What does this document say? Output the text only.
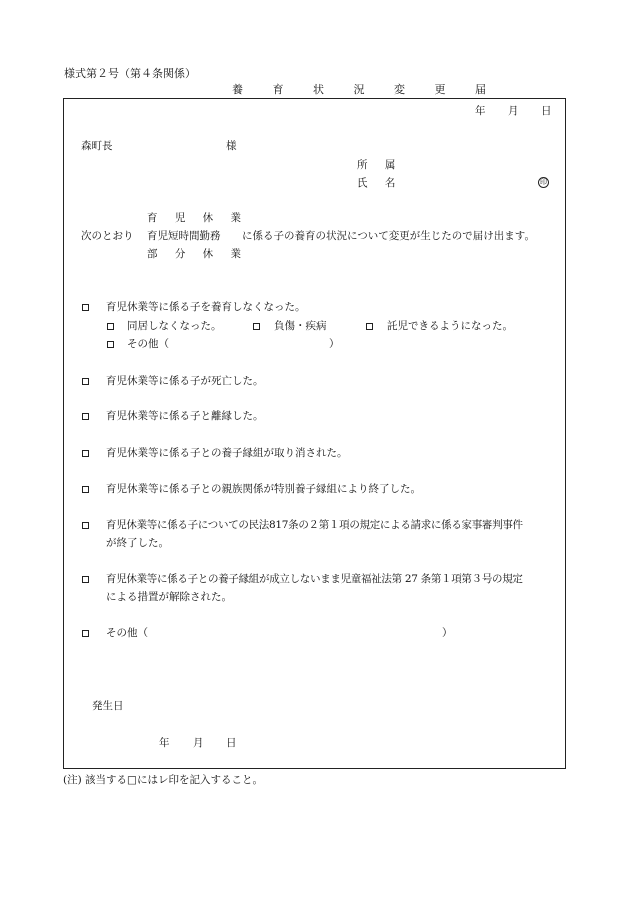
様式第２号（第４条関係）
養 育 状 況 変 更 届
年 月 日
森町長	様
所 属
氏 名	印
育 児 休 業
次のとおり 育児短時間勤務 に係る子の養育の状況について変更が生じたので届け出ます。
部 分 休 業
育児休業等に係る子を養育しなくなった。
同居しなくなった。	負傷・疾病	託児できるようになった。
その他（	）
育児休業等に係る子が死亡した。
育児休業等に係る子と離縁した。
育児休業等に係る子との養子縁組が取り消された。
育児休業等に係る子との親族関係が特別養子縁組により終了した。
育児休業等に係る子についての民法817条の２第１項の規定による請求に係る家事審判事件
が終了した。
育児休業等に係る子との養子縁組が成立しないまま児童福祉法第 27 条第１項第３号の規定
による措置が解除された。
その他（	）
発生日
年 月 日
(注) 該当する□にはレ印を記入すること。
